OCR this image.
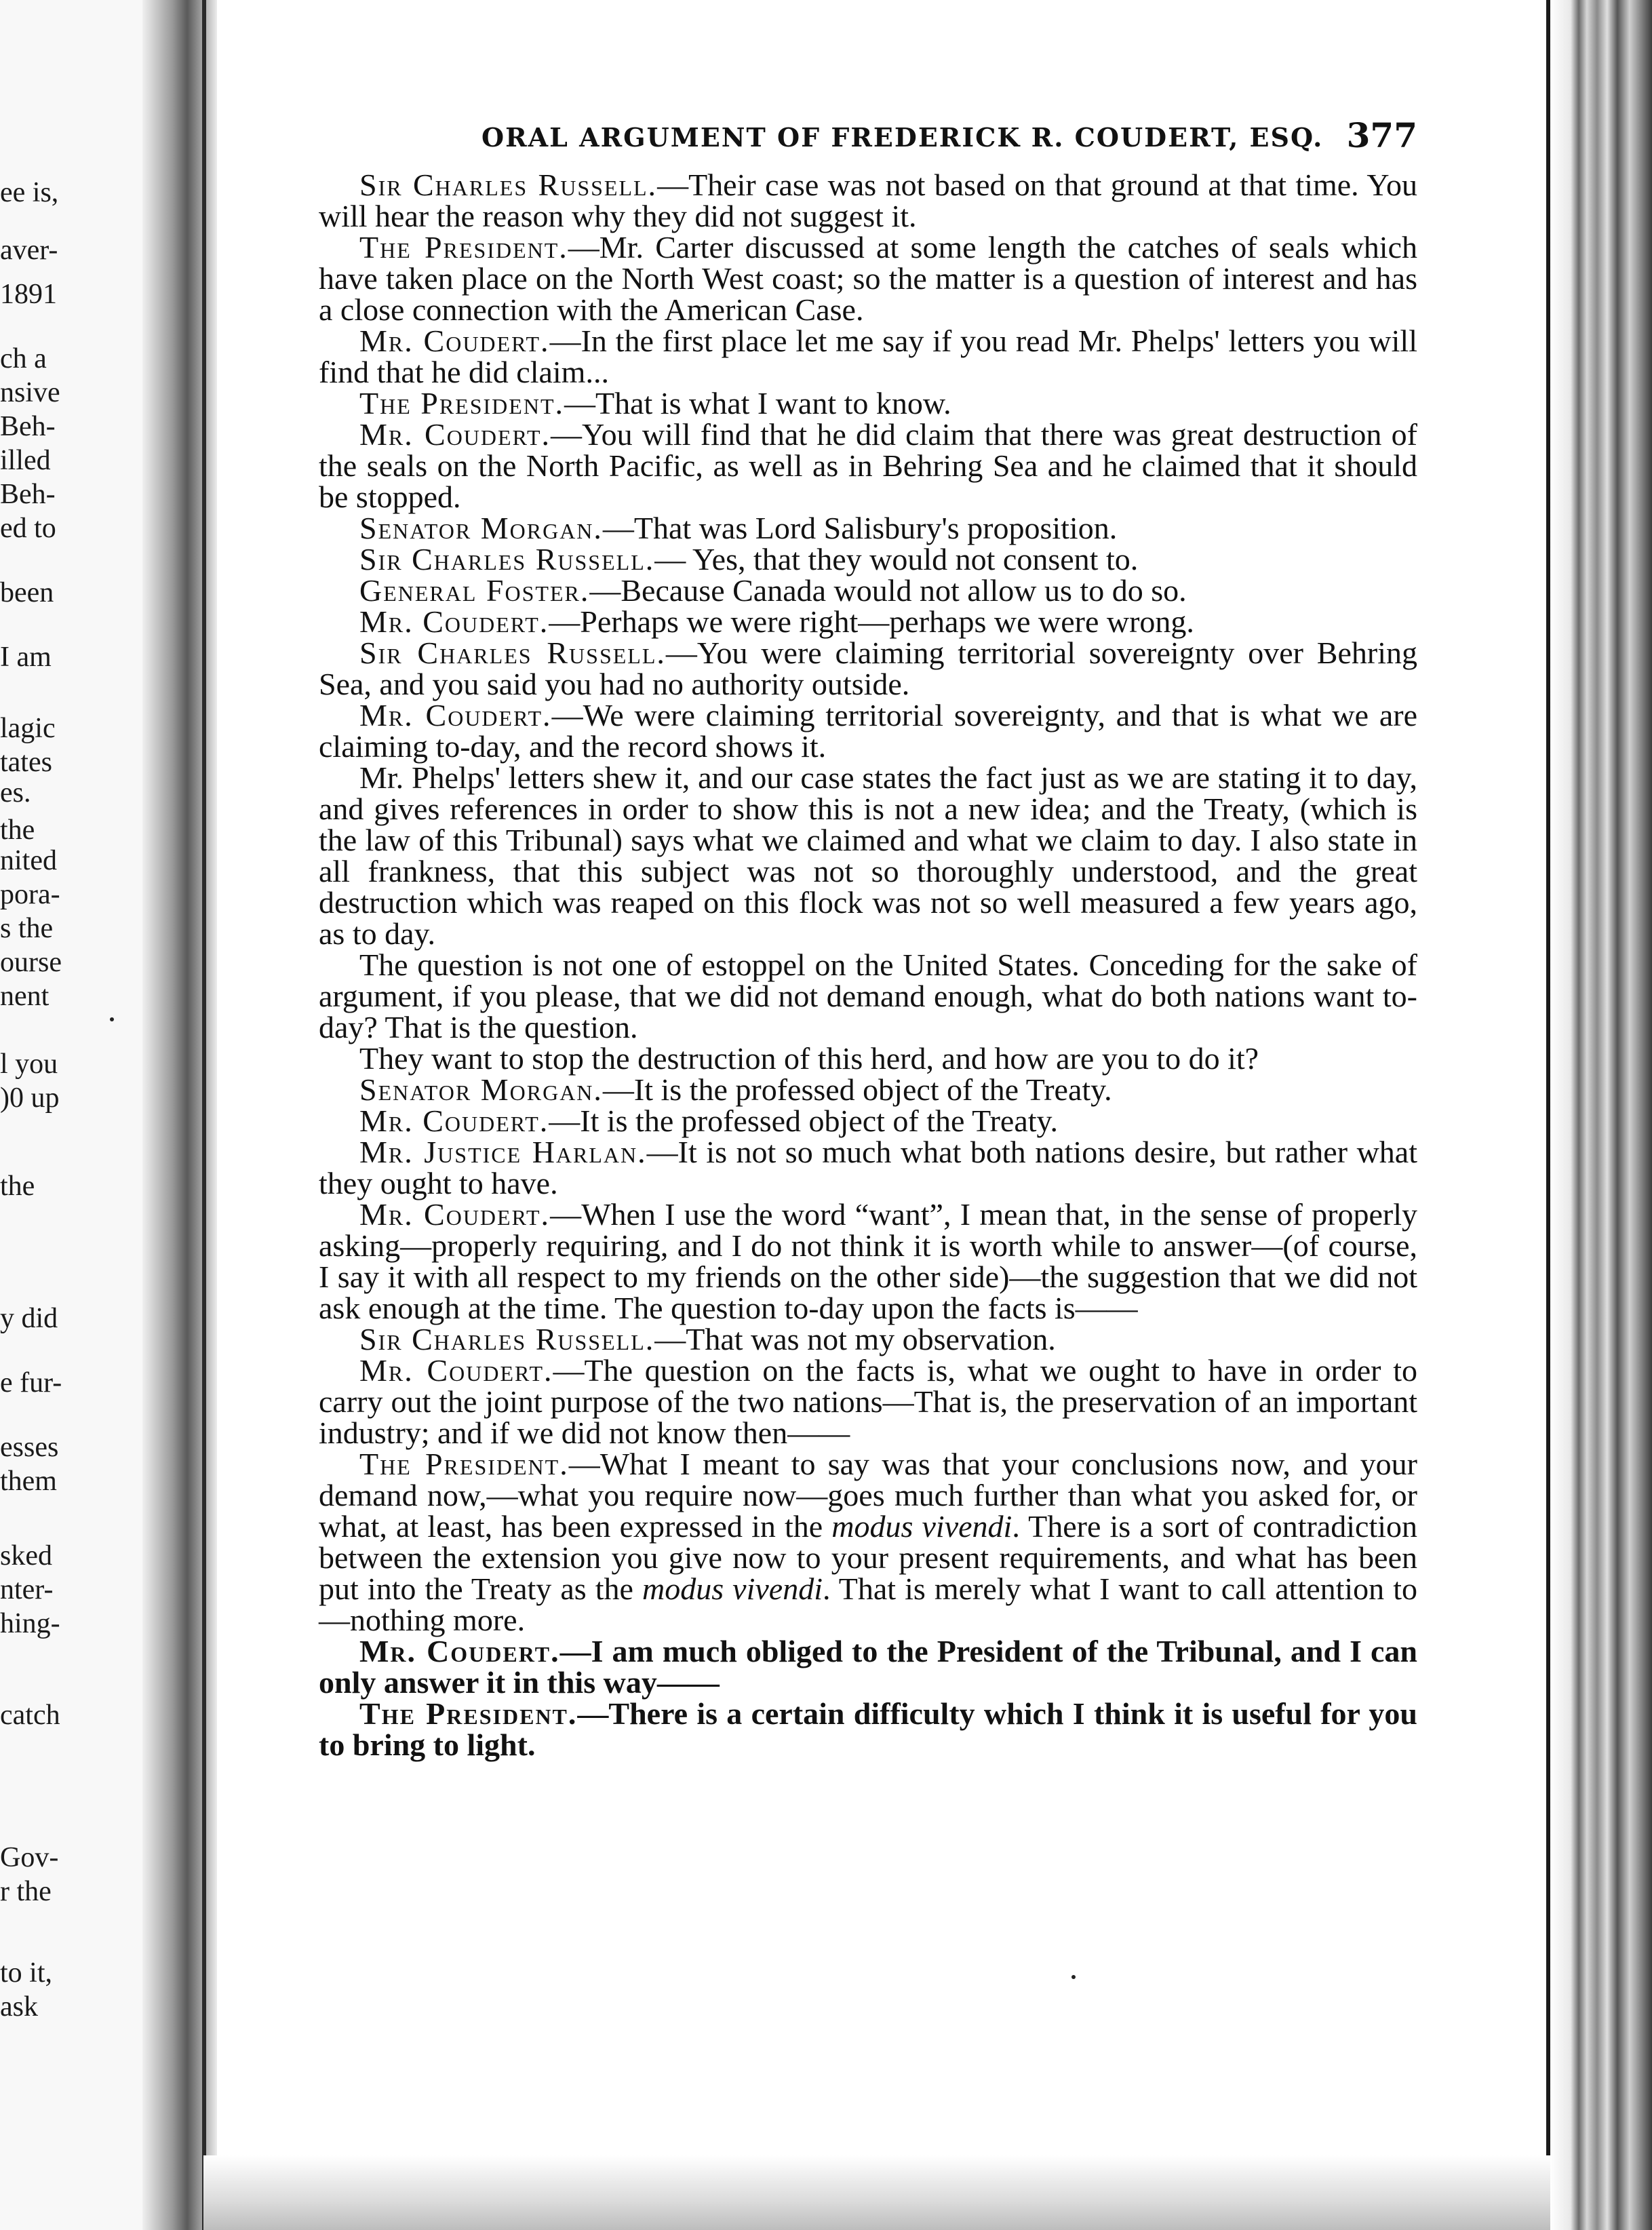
ee is,
aver-
1891
ch a
nsive
Beh-
illed
Beh-
ed to
been
I am
lagic
tates
es.
the
nited
pora-
s the
ourse
nent
l you
)0 up
the
y did
e fur-
esses
them
sked
nter-
hing-
catch
Gov-
r the
to it,
ask
ORAL ARGUMENT OF FREDERICK R. COUDERT, ESQ. 377

Sir Charles Russell.—Their case was not based on that ground at that time. You will hear the reason why they did not suggest it.

The President.—Mr. Carter discussed at some length the catches of seals which have taken place on the North West coast; so the matter is a question of interest and has a close connection with the American Case.

Mr. Coudert.—In the first place let me say if you read Mr. Phelps' letters you will find that he did claim...

The President.—That is what I want to know.

Mr. Coudert.—You will find that he did claim that there was great destruction of the seals on the North Pacific, as well as in Behring Sea and he claimed that it should be stopped.

Senator Morgan.—That was Lord Salisbury's proposition.

Sir Charles Russell.— Yes, that they would not consent to.

General Foster.—Because Canada would not allow us to do so.

Mr. Coudert.—Perhaps we were right—perhaps we were wrong.

Sir Charles Russell.—You were claiming territorial sovereignty over Behring Sea, and you said you had no authority outside.

Mr. Coudert.—We were claiming territorial sovereignty, and that is what we are claiming to-day, and the record shows it.

Mr. Phelps' letters shew it, and our case states the fact just as we are stating it to day, and gives references in order to show this is not a new idea; and the Treaty, (which is the law of this Tribunal) says what we claimed and what we claim to day. I also state in all frankness, that this subject was not so thoroughly understood, and the great destruction which was reaped on this flock was not so well measured a few years ago, as to day.

The question is not one of estoppel on the United States. Conceding for the sake of argument, if you please, that we did not demand enough, what do both nations want to-day? That is the question.

They want to stop the destruction of this herd, and how are you to do it?

Senator Morgan.—It is the professed object of the Treaty.

Mr. Coudert.—It is the professed object of the Treaty.

Mr. Justice Harlan.—It is not so much what both nations desire, but rather what they ought to have.

Mr. Coudert.—When I use the word “want”, I mean that, in the sense of properly asking—properly requiring, and I do not think it is worth while to answer—(of course, I say it with all respect to my friends on the other side)—the suggestion that we did not ask enough at the time. The question to-day upon the facts is——

Sir Charles Russell.—That was not my observation.

Mr. Coudert.—The question on the facts is, what we ought to have in order to carry out the joint purpose of the two nations—That is, the preservation of an important industry; and if we did not know then——

The President.—What I meant to say was that your conclusions now, and your demand now,—what you require now—goes much further than what you asked for, or what, at least, has been expressed in the modus vivendi. There is a sort of contradiction between the extension you give now to your present requirements, and what has been put into the Treaty as the modus vivendi. That is merely what I want to call attention to—nothing more.

Mr. Coudert.—I am much obliged to the President of the Tribunal, and I can only answer it in this way——

The President.—There is a certain difficulty which I think it is useful for you to bring to light.
